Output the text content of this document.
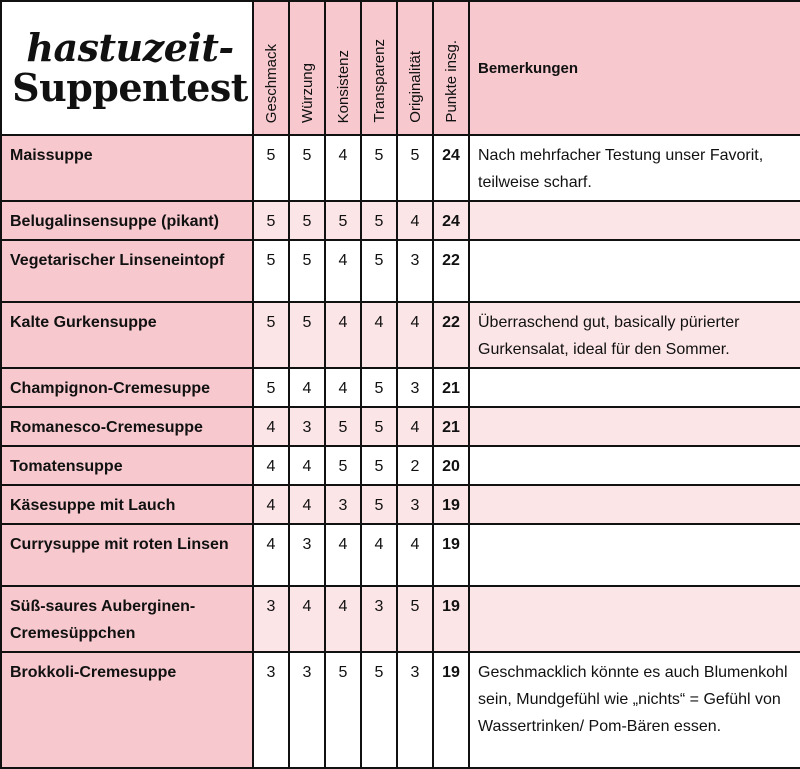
hastuzeit-
Suppentest	Geschmack	Würzung	Konsistenz	Transparenz	Originalität	Punkte insg.	Bemerkungen
Maissuppe	5	5	4	5	5	24	Nach mehrfacher Testung unser Favorit, teilweise scharf.
Belugalinsensuppe (pikant)	5	5	5	5	4	24	
Vegetarischer Linseneintopf	5	5	4	5	3	22	
Kalte Gurkensuppe	5	5	4	4	4	22	Überraschend gut, basically pürierter Gurkensalat, ideal für den Sommer.
Champignon-Cremesuppe	5	4	4	5	3	21	
Romanesco-Cremesuppe	4	3	5	5	4	21	
Tomatensuppe	4	4	5	5	2	20	
Käsesuppe mit Lauch	4	4	3	5	3	19	
Currysuppe mit roten Linsen	4	3	4	4	4	19	
Süß-saures Auberginen-Cremesüppchen	3	4	4	3	5	19	
Brokkoli-Cremesuppe	3	3	5	5	3	19	Geschmacklich könnte es auch Blumenkohl sein, Mundgefühl wie „nichts“ = Gefühl von Wassertrinken/ Pom-Bären essen.
